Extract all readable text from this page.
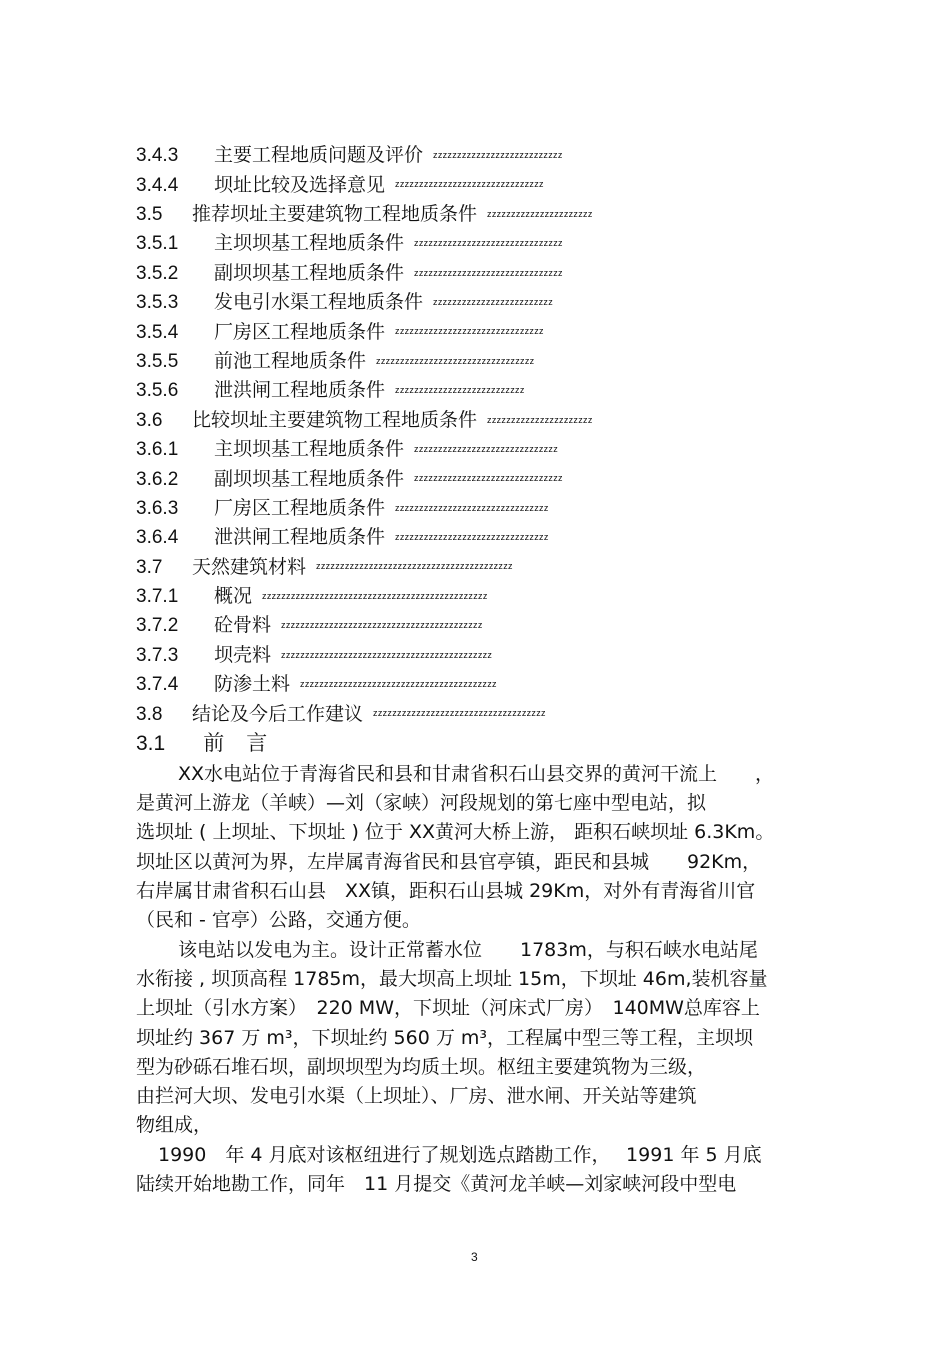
3.4.3 主要工程地质问题及评价 zzzzzzzzzzzzzzzzzzzzzzzzzzz
3.4.4 坝址比较及选择意见 zzzzzzzzzzzzzzzzzzzzzzzzzzzzzzz
3.5 推荐坝址主要建筑物工程地质条件 zzzzzzzzzzzzzzzzzzzzzz
3.5.1 主坝坝基工程地质条件 zzzzzzzzzzzzzzzzzzzzzzzzzzzzzzz
3.5.2 副坝坝基工程地质条件 zzzzzzzzzzzzzzzzzzzzzzzzzzzzzzz
3.5.3 发电引水渠工程地质条件 zzzzzzzzzzzzzzzzzzzzzzzzz
3.5.4 厂房区工程地质条件 zzzzzzzzzzzzzzzzzzzzzzzzzzzzzzz
3.5.5 前池工程地质条件 zzzzzzzzzzzzzzzzzzzzzzzzzzzzzzzzz
3.5.6 泄洪闸工程地质条件 zzzzzzzzzzzzzzzzzzzzzzzzzzz
3.6 比较坝址主要建筑物工程地质条件 zzzzzzzzzzzzzzzzzzzzzz
3.6.1 主坝坝基工程地质条件 zzzzzzzzzzzzzzzzzzzzzzzzzzzzzz
3.6.2 副坝坝基工程地质条件 zzzzzzzzzzzzzzzzzzzzzzzzzzzzzzz
3.6.3 厂房区工程地质条件 zzzzzzzzzzzzzzzzzzzzzzzzzzzzzzzz
3.6.4 泄洪闸工程地质条件 zzzzzzzzzzzzzzzzzzzzzzzzzzzzzzzz
3.7 天然建筑材料 zzzzzzzzzzzzzzzzzzzzzzzzzzzzzzzzzzzzzzzzz
3.7.1 概况 zzzzzzzzzzzzzzzzzzzzzzzzzzzzzzzzzzzzzzzzzzzzzzz
3.7.2 砼骨料 zzzzzzzzzzzzzzzzzzzzzzzzzzzzzzzzzzzzzzzzzz
3.7.3 坝壳料 zzzzzzzzzzzzzzzzzzzzzzzzzzzzzzzzzzzzzzzzzzzz
3.7.4 防渗土料 zzzzzzzzzzzzzzzzzzzzzzzzzzzzzzzzzzzzzzzzz
3.8 结论及今后工作建议 zzzzzzzzzzzzzzzzzzzzzzzzzzzzzzzzzzzz
3.1 前言
XX水电站位于青海省民和县和甘肃省积石山县交界的黄河干流上　　，
是黄河上游龙（羊峡）—刘（家峡）河段规划的第七座中型电站，拟
选坝址 ( 上坝址、下坝址 ) 位于 XX黄河大桥上游， 距积石峡坝址 6.3Km。
坝址区以黄河为界，左岸属青海省民和县官亭镇，距民和县城　　92Km，
右岸属甘肃省积石山县　XX镇，距积石山县城 29Km，对外有青海省川官
（民和 - 官亭）公路，交通方便。
该电站以发电为主。设计正常蓄水位　　1783m，与积石峡水电站尾
水衔接 , 坝顶高程 1785m，最大坝高上坝址 15m，下坝址 46m,装机容量
上坝址（引水方案）　220 MW，下坝址（河床式厂房）　140MW总库容上
坝址约 367 万 m³，下坝址约 560 万 m³，工程属中型三等工程，主坝坝
型为砂砾石堆石坝，副坝坝型为均质土坝。枢纽主要建筑物为三级，
由拦河大坝、发电引水渠（上坝址）、厂房、泄水闸、开关站等建筑
物组成，
1990　年 4 月底对该枢纽进行了规划选点踏勘工作，　 1991 年 5 月底
陆续开始地勘工作，同年　11 月提交《黄河龙羊峡—刘家峡河段中型电
3
